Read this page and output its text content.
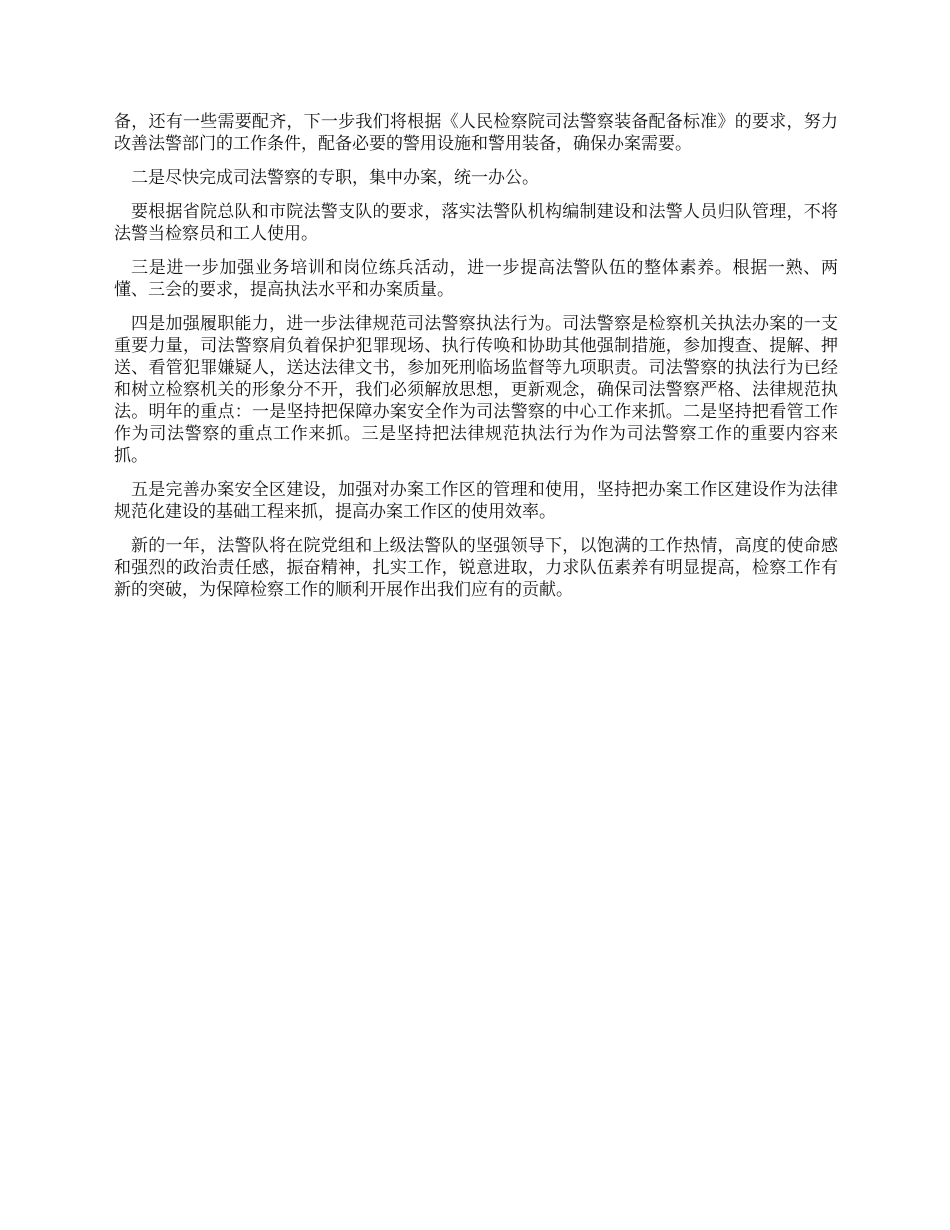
备，还有一些需要配齐，下一步我们将根据《人民检察院司法警察装备配备标准》的要求，努力改善法警部门的工作条件，配备必要的警用设施和警用装备，确保办案需要。

二是尽快完成司法警察的专职，集中办案，统一办公。

要根据省院总队和市院法警支队的要求，落实法警队机构编制建设和法警人员归队管理，不将法警当检察员和工人使用。

三是进一步加强业务培训和岗位练兵活动，进一步提高法警队伍的整体素养。根据一熟、两懂、三会的要求，提高执法水平和办案质量。

四是加强履职能力，进一步法律规范司法警察执法行为。司法警察是检察机关执法办案的一支重要力量，司法警察肩负着保护犯罪现场、执行传唤和协助其他强制措施，参加搜查、提解、押送、看管犯罪嫌疑人，送达法律文书，参加死刑临场监督等九项职责。司法警察的执法行为已经和树立检察机关的形象分不开，我们必须解放思想，更新观念，确保司法警察严格、法律规范执法。明年的重点：一是坚持把保障办案安全作为司法警察的中心工作来抓。二是坚持把看管工作作为司法警察的重点工作来抓。三是坚持把法律规范执法行为作为司法警察工作的重要内容来抓。

五是完善办案安全区建设，加强对办案工作区的管理和使用，坚持把办案工作区建设作为法律规范化建设的基础工程来抓，提高办案工作区的使用效率。

新的一年，法警队将在院党组和上级法警队的坚强领导下，以饱满的工作热情，高度的使命感和强烈的政治责任感，振奋精神，扎实工作，锐意进取，力求队伍素养有明显提高，检察工作有新的突破，为保障检察工作的顺利开展作出我们应有的贡献。
